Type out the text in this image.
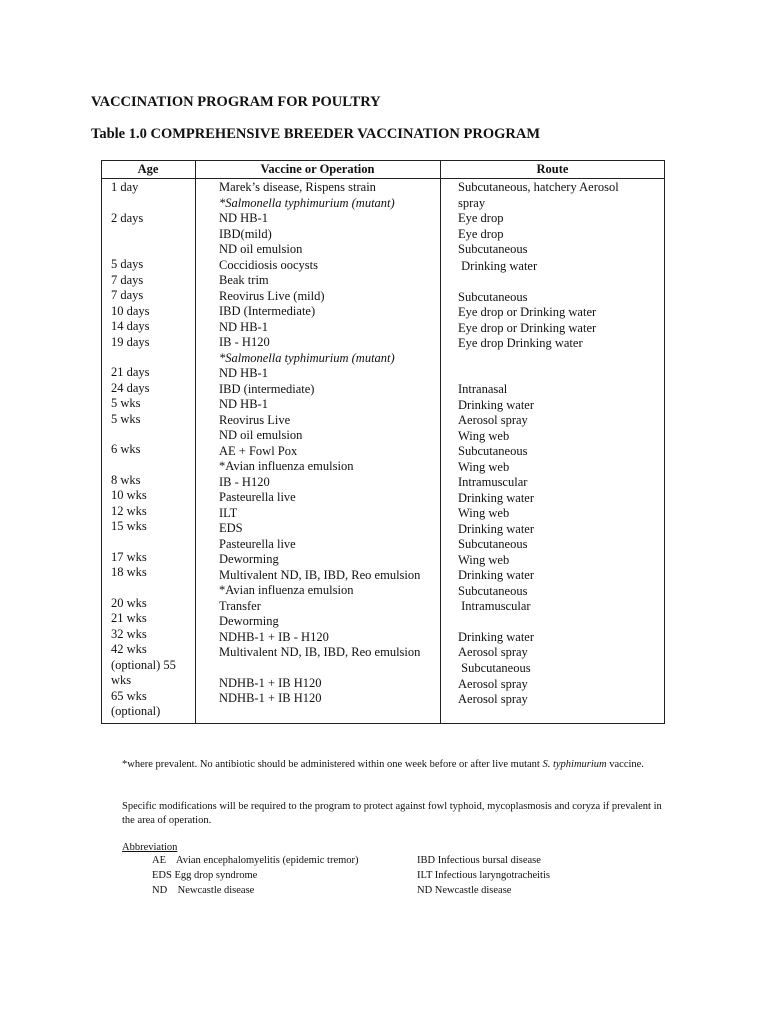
VACCINATION PROGRAM FOR POULTRY
Table 1.0 COMPREHENSIVE BREEDER VACCINATION PROGRAM
Age	Vaccine or Operation	Route
1 day
2 days
5 days
7 days
7 days
10 days
14 days
19 days
21 days
24 days
5 wks
5 wks
6 wks
8 wks
10 wks
12 wks
15 wks
17 wks
18 wks
20 wks
21 wks
32 wks
42 wks
(optional) 55
wks
65 wks
(optional)
Marek’s disease, Rispens strain
*Salmonella typhimurium (mutant)
ND HB-1
IBD(mild)
ND oil emulsion
Coccidiosis oocysts
Beak trim
Reovirus Live (mild)
IBD (Intermediate)
ND HB-1
IB - H120
*Salmonella typhimurium (mutant)
ND HB-1
IBD (intermediate)
ND HB-1
Reovirus Live
ND oil emulsion
AE + Fowl Pox
*Avian influenza emulsion
IB - H120
Pasteurella live
ILT
EDS
Pasteurella live
Deworming
Multivalent ND, IB, IBD, Reo emulsion
*Avian influenza emulsion
Transfer
Deworming
NDHB-1 + IB - H120
Multivalent ND, IB, IBD, Reo emulsion
NDHB-1 + IB H120
NDHB-1 + IB H120
Subcutaneous, hatchery Aerosol
spray
Eye drop
Eye drop
Subcutaneous
Drinking water
Subcutaneous
Eye drop or Drinking water
Eye drop or Drinking water
Eye drop Drinking water
Intranasal
Drinking water
Aerosol spray
Wing web
Subcutaneous
Wing web
Intramuscular
Drinking water
Wing web
Drinking water
Subcutaneous
Wing web
Drinking water
Subcutaneous
Intramuscular
Drinking water
Aerosol spray
Subcutaneous
Aerosol spray
Aerosol spray
*where prevalent. No antibiotic should be administered within one week before or after live mutant S. typhimurium vaccine.
Specific modifications will be required to the program to protect against fowl typhoid, mycoplasmosis and coryza if prevalent in the area of operation.
Abbreviation
AE    Avian encephalomyelitis (epidemic tremor)
EDS Egg drop syndrome
ND    Newcastle disease
IBD Infectious bursal disease
ILT Infectious laryngotracheitis
ND Newcastle disease
